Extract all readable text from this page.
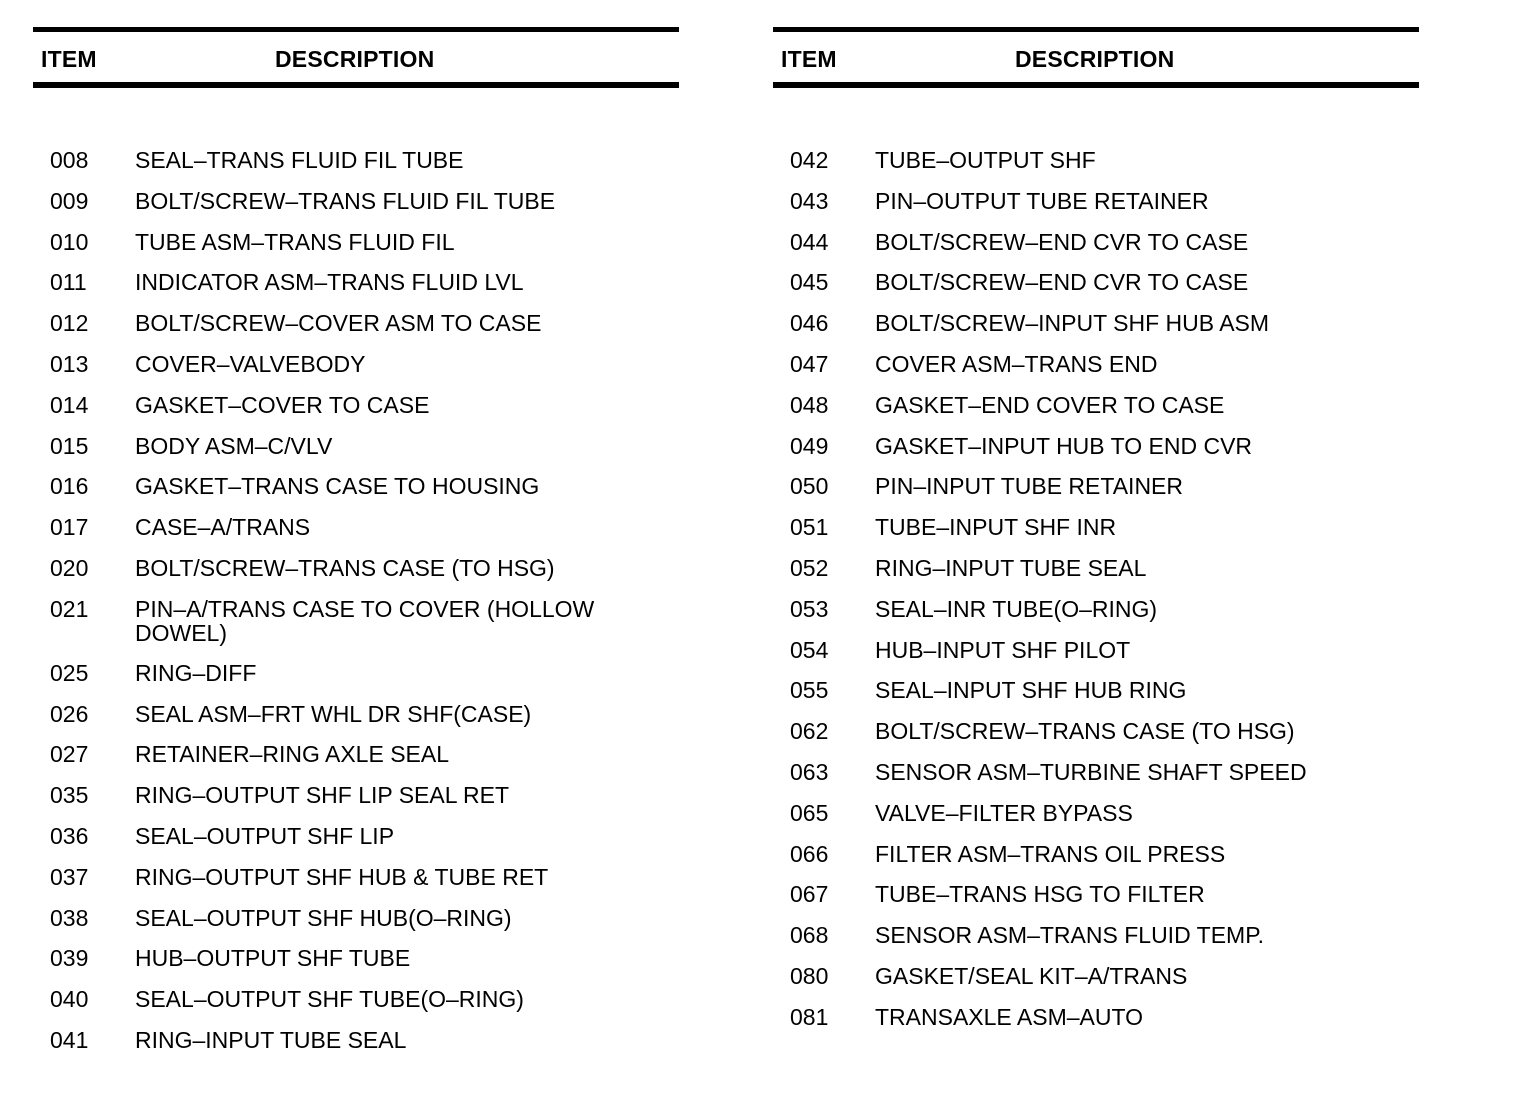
ITEM	DESCRIPTION
008 SEAL–TRANS FLUID FIL TUBE
009 BOLT/SCREW–TRANS FLUID FIL TUBE
010 TUBE ASM–TRANS FLUID FIL
011 INDICATOR ASM–TRANS FLUID LVL
012 BOLT/SCREW–COVER ASM TO CASE
013 COVER–VALVEBODY
014 GASKET–COVER TO CASE
015 BODY ASM–C/VLV
016 GASKET–TRANS CASE TO HOUSING
017 CASE–A/TRANS
020 BOLT/SCREW–TRANS CASE (TO HSG)
021 PIN–A/TRANS CASE TO COVER (HOLLOW DOWEL)
025 RING–DIFF
026 SEAL ASM–FRT WHL DR SHF(CASE)
027 RETAINER–RING AXLE SEAL
035 RING–OUTPUT SHF LIP SEAL RET
036 SEAL–OUTPUT SHF LIP
037 RING–OUTPUT SHF HUB & TUBE RET
038 SEAL–OUTPUT SHF HUB(O–RING)
039 HUB–OUTPUT SHF TUBE
040 SEAL–OUTPUT SHF TUBE(O–RING)
041 RING–INPUT TUBE SEAL
ITEM	DESCRIPTION
042 TUBE–OUTPUT SHF
043 PIN–OUTPUT TUBE RETAINER
044 BOLT/SCREW–END CVR TO CASE
045 BOLT/SCREW–END CVR TO CASE
046 BOLT/SCREW–INPUT SHF HUB ASM
047 COVER ASM–TRANS END
048 GASKET–END COVER TO CASE
049 GASKET–INPUT HUB TO END CVR
050 PIN–INPUT TUBE RETAINER
051 TUBE–INPUT SHF INR
052 RING–INPUT TUBE SEAL
053 SEAL–INR TUBE(O–RING)
054 HUB–INPUT SHF PILOT
055 SEAL–INPUT SHF HUB RING
062 BOLT/SCREW–TRANS CASE (TO HSG)
063 SENSOR ASM–TURBINE SHAFT SPEED
065 VALVE–FILTER BYPASS
066 FILTER ASM–TRANS OIL PRESS
067 TUBE–TRANS HSG TO FILTER
068 SENSOR ASM–TRANS FLUID TEMP.
080 GASKET/SEAL KIT–A/TRANS
081 TRANSAXLE ASM–AUTO
